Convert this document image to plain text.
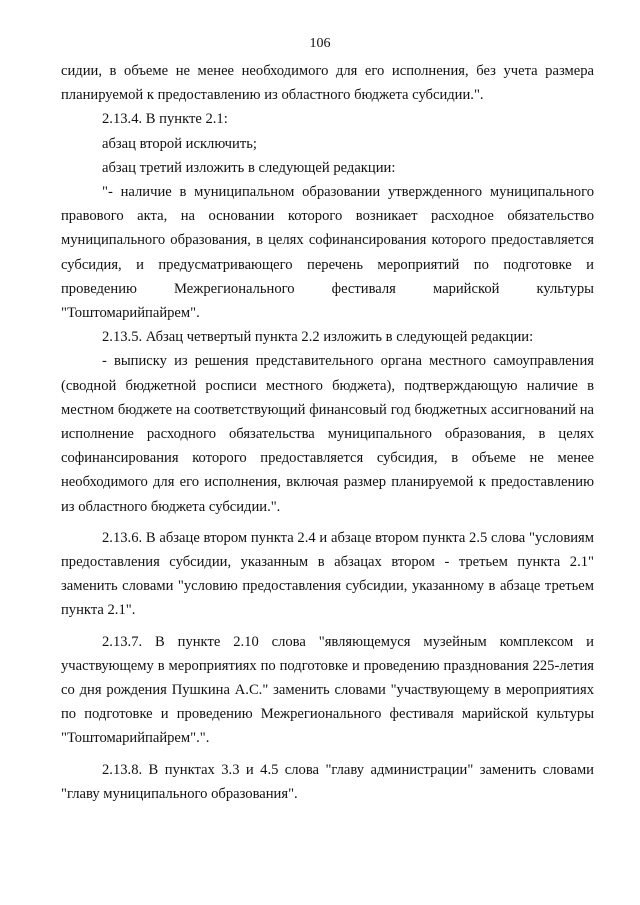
106

сидии, в объеме не менее необходимого для его исполнения, без учета размера планируемой к предоставлению из областного бюджета субсидии.".

2.13.4. В пункте 2.1:

абзац второй исключить;

абзац третий изложить в следующей редакции:

"- наличие в муниципальном образовании утвержденного муниципального правового акта, на основании которого возникает расходное обязательство муниципального образования, в целях софинансирования которого предоставляется субсидия, и предусматривающего перечень мероприятий по подготовке и проведению Межрегионального фестиваля марийской культуры "Тоштомарийпайрем".

2.13.5. Абзац четвертый пункта 2.2 изложить в следующей редакции:

- выписку из решения представительного органа местного самоуправления (сводной бюджетной росписи местного бюджета), подтверждающую наличие в местном бюджете на соответствующий финансовый год бюджетных ассигнований на исполнение расходного обязательства муниципального образования, в целях софинансирования которого предоставляется субсидия, в объеме не менее необходимого для его исполнения, включая размер планируемой к предоставлению из областного бюджета субсидии.".

2.13.6. В абзаце втором пункта 2.4 и абзаце втором пункта 2.5 слова "условиям предоставления субсидии, указанным в абзацах втором - третьем пункта 2.1" заменить словами "условию предоставления субсидии, указанному в абзаце третьем пункта 2.1".

2.13.7. В пункте 2.10 слова "являющемуся музейным комплексом и участвующему в мероприятиях по подготовке и проведению празднования 225-летия со дня рождения Пушкина А.С." заменить словами "участвующему в мероприятиях по подготовке и проведению Межрегионального фестиваля марийской культуры "Тоштомарийпайрем".".

2.13.8. В пунктах 3.3 и 4.5 слова "главу администрации" заменить словами "главу муниципального образования".
